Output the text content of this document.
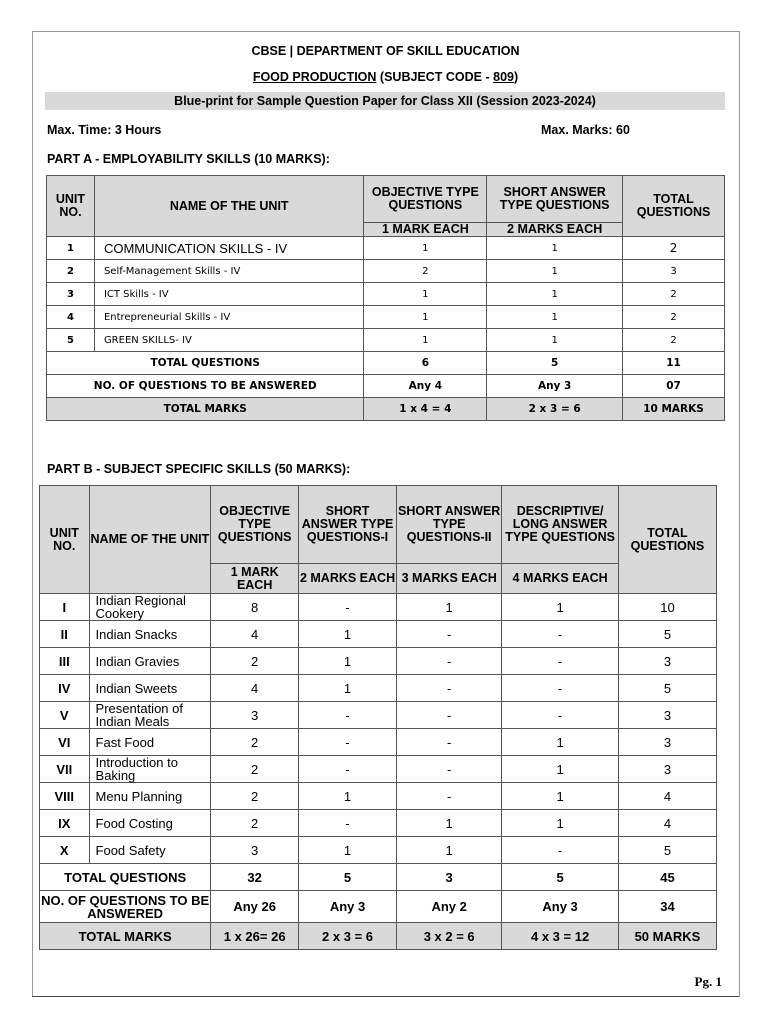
CBSE | DEPARTMENT OF SKILL EDUCATION
FOOD PRODUCTION (SUBJECT CODE - 809)
Blue-print for Sample Question Paper for Class XII (Session 2023-2024)
Max. Time: 3 Hours	Max. Marks: 60
PART A - EMPLOYABILITY SKILLS (10 MARKS):
UNIT NO.	NAME OF THE UNIT	OBJECTIVE TYPE QUESTIONS	SHORT ANSWER TYPE QUESTIONS	TOTAL QUESTIONS
		1 MARK EACH	2 MARKS EACH	
1	COMMUNICATION SKILLS - IV	1	1	2
2	Self-Management Skills - IV	2	1	3
3	ICT Skills - IV	1	1	2
4	Entrepreneurial Skills - IV	1	1	2
5	GREEN SKILLS- IV	1	1	2
TOTAL QUESTIONS		6	5	11
NO. OF QUESTIONS TO BE ANSWERED		Any 4	Any 3	07
TOTAL MARKS		1 x 4 = 4	2 x 3 = 6	10 MARKS
PART B - SUBJECT SPECIFIC SKILLS (50 MARKS):
UNIT NO.	NAME OF THE UNIT	OBJECTIVE TYPE QUESTIONS	SHORT ANSWER TYPE QUESTIONS-I	SHORT ANSWER TYPE QUESTIONS-II	DESCRIPTIVE/ LONG ANSWER TYPE QUESTIONS	TOTAL QUESTIONS
		1 MARK EACH	2 MARKS EACH	3 MARKS EACH	4 MARKS EACH	
I	Indian Regional Cookery	8	-	1	1	10
II	Indian Snacks	4	1	-	-	5
III	Indian Gravies	2	1	-	-	3
IV	Indian Sweets	4	1	-	-	5
V	Presentation of Indian Meals	3	-	-	-	3
VI	Fast Food	2	-	-	1	3
VII	Introduction to Baking	2	-	-	1	3
VIII	Menu Planning	2	1	-	1	4
IX	Food Costing	2	-	1	1	4
X	Food Safety	3	1	1	-	5
TOTAL QUESTIONS		32	5	3	5	45
NO. OF QUESTIONS TO BE ANSWERED		Any 26	Any 3	Any 2	Any 3	34
TOTAL MARKS		1 x 26= 26	2 x 3 = 6	3 x 2 = 6	4 x 3 = 12	50 MARKS
Pg. 1
